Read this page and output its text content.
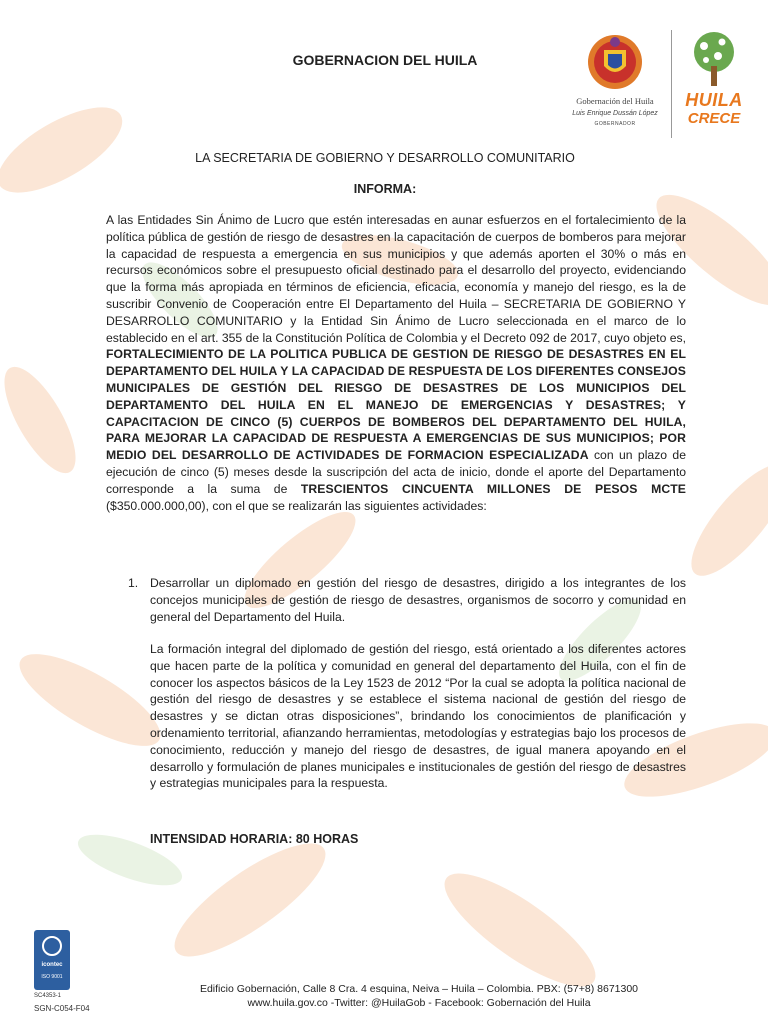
GOBERNACION DEL HUILA
Gobernación del Huila
Luis Enrique Dussán López
GOBERNADOR
HUILA
CRECE
LA SECRETARIA DE GOBIERNO Y DESARROLLO COMUNITARIO
INFORMA:
A las Entidades Sin Ánimo de Lucro que estén interesadas en aunar esfuerzos en el fortalecimiento de la política pública de gestión de riesgo de desastres en la capacitación de cuerpos de bomberos para mejorar la capacidad de respuesta a emergencia en sus municipios y que además aporten el 30% o más en recursos económicos sobre el presupuesto oficial destinado para el desarrollo del proyecto, evidenciando que la forma más apropiada en términos de eficiencia, eficacia, economía y manejo del riesgo, es la de suscribir Convenio de Cooperación entre El Departamento del Huila – SECRETARIA DE GOBIERNO Y DESARROLLO COMUNITARIO y la Entidad Sin Ánimo de Lucro seleccionada en el marco de lo establecido en el art. 355 de la Constitución Política de Colombia y el Decreto 092 de 2017, cuyo objeto es, FORTALECIMIENTO DE LA POLITICA PUBLICA DE GESTION DE RIESGO DE DESASTRES EN EL DEPARTAMENTO DEL HUILA Y LA CAPACIDAD DE RESPUESTA DE LOS DIFERENTES CONSEJOS MUNICIPALES DE GESTIÓN DEL RIESGO DE DESASTRES DE LOS MUNICIPIOS DEL DEPARTAMENTO DEL HUILA EN EL MANEJO DE EMERGENCIAS Y DESASTRES; Y CAPACITACION DE CINCO (5) CUERPOS DE BOMBEROS DEL DEPARTAMENTO DEL HUILA, PARA MEJORAR LA CAPACIDAD DE RESPUESTA A EMERGENCIAS DE SUS MUNICIPIOS; POR MEDIO DEL DESARROLLO DE ACTIVIDADES DE FORMACION ESPECIALIZADA con un plazo de ejecución de cinco (5) meses desde la suscripción del acta de inicio, donde el aporte del Departamento corresponde a la suma de TRESCIENTOS CINCUENTA MILLONES DE PESOS MCTE ($350.000.000,00), con el que se realizarán las siguientes actividades:
1. Desarrollar un diplomado en gestión del riesgo de desastres, dirigido a los integrantes de los concejos municipales de gestión de riesgo de desastres, organismos de socorro y comunidad en general del Departamento del Huila.
La formación integral del diplomado de gestión del riesgo, está orientado a los diferentes actores que hacen parte de la política y comunidad en general del departamento del Huila, con el fin de conocer los aspectos básicos de la Ley 1523 de 2012 “Por la cual se adopta la política nacional de gestión del riesgo de desastres y se establece el sistema nacional de gestión del riesgo de desastres y se dictan otras disposiciones”, brindando los conocimientos de planificación y ordenamiento territorial, afianzando herramientas, metodologías y estrategias bajo los procesos de conocimiento, reducción y manejo del riesgo de desastres, de igual manera apoyando en el desarrollo y formulación de planes municipales e institucionales de gestión del riesgo de desastres y estrategias municipales para la respuesta.
INTENSIDAD HORARIA: 80 HORAS
icontec
ISO 9001
SC4353-1
SGN-C054-F04
Edificio Gobernación, Calle 8 Cra. 4 esquina, Neiva – Huila – Colombia. PBX: (57+8) 8671300
www.huila.gov.co -Twitter: @HuilaGob - Facebook: Gobernación del Huila
